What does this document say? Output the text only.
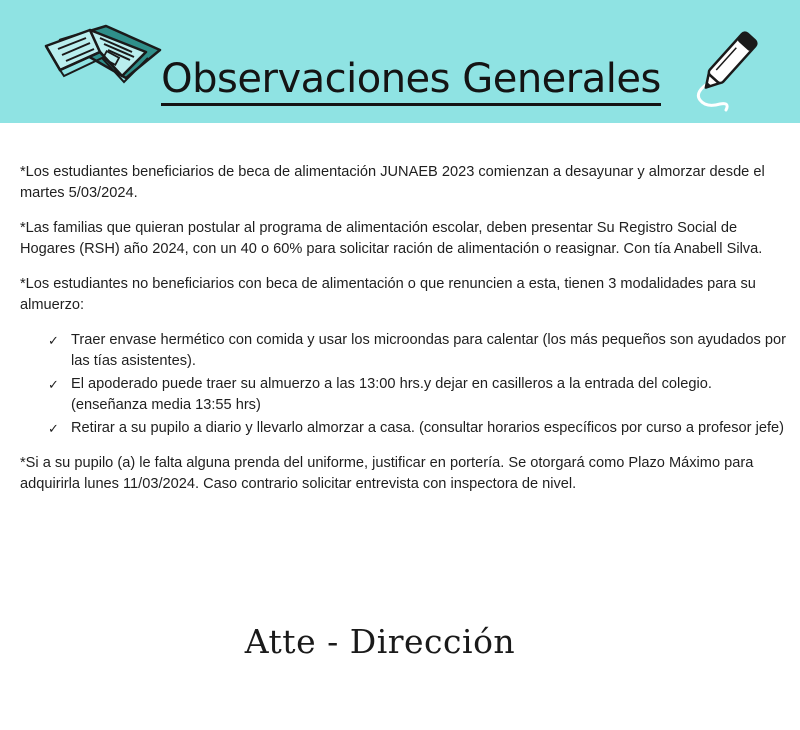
Observaciones Generales

*Los estudiantes beneficiarios de beca de alimentación JUNAEB 2023 comienzan a desayunar y almorzar desde el martes 5/03/2024.

*Las familias que quieran postular al programa de alimentación escolar, deben presentar Su Registro Social de Hogares (RSH) año 2024, con un 40 o 60% para solicitar ración de alimentación o reasignar. Con tía Anabell Silva.

*Los estudiantes no beneficiarios con beca de alimentación o que renuncien a esta, tienen 3 modalidades para su almuerzo:

✓ Traer envase hermético con comida y usar los microondas para calentar (los más pequeños son ayudados por las tías asistentes).
✓ El apoderado puede traer su almuerzo a las 13:00 hrs.y dejar en casilleros a la entrada del colegio. (enseñanza media 13:55 hrs)
✓ Retirar a su pupilo a diario y llevarlo almorzar a casa. (consultar horarios específicos por curso a profesor jefe)

*Si a su pupilo (a) le falta alguna prenda del uniforme, justificar en portería. Se otorgará como Plazo Máximo para adquirirla lunes 11/03/2024. Caso contrario solicitar entrevista con inspectora de nivel.

Atte - Dirección
